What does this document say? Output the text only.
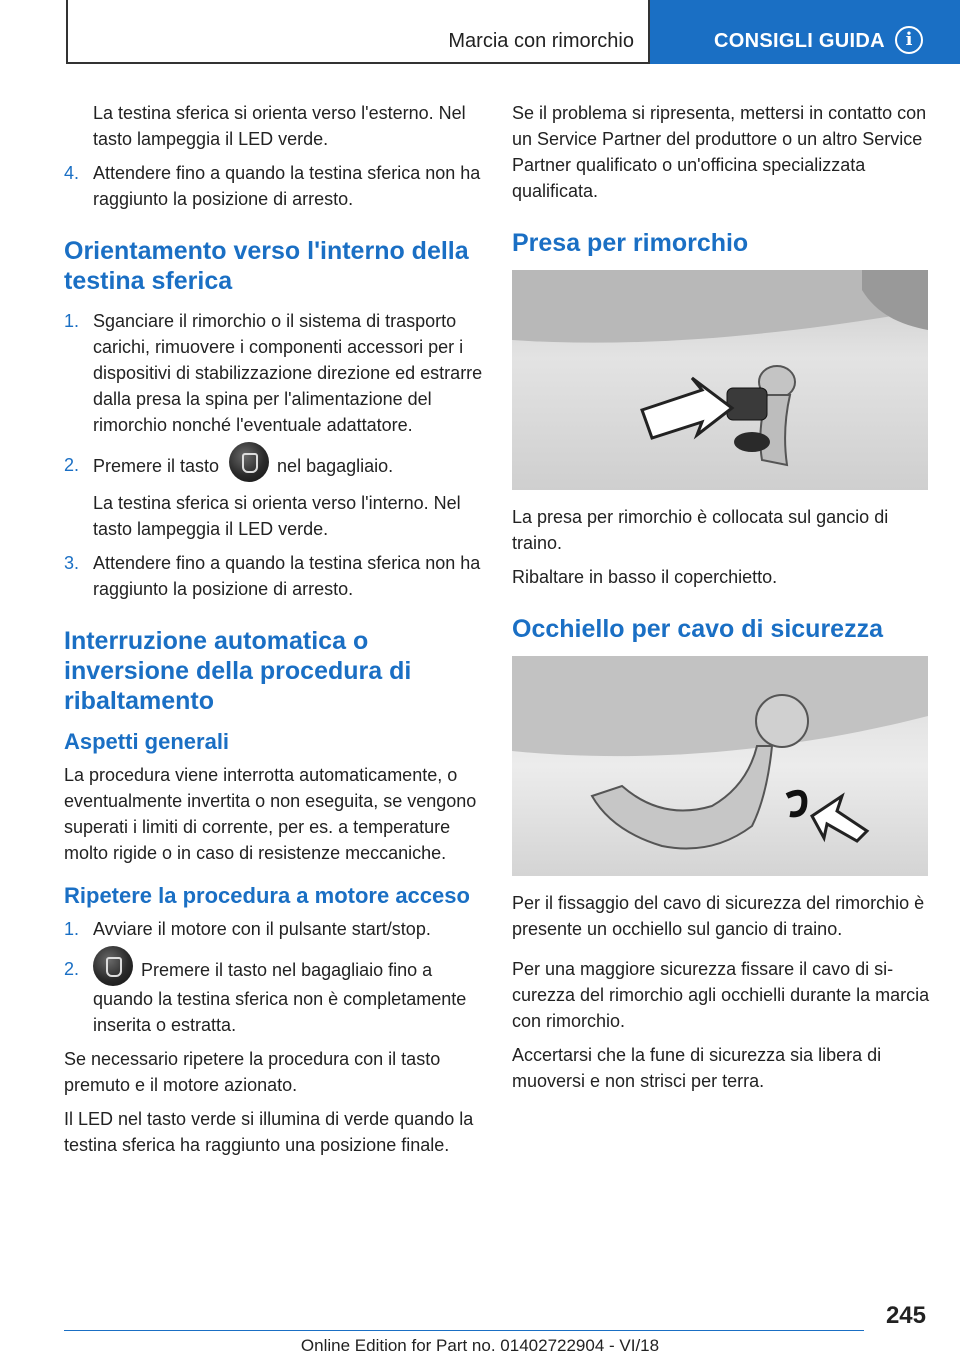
Marcia con rimorchio	CONSIGLI GUIDA	i

La testina sferica si orienta verso l'esterno. Nel tasto lampeggia il LED verde.

4. Attendere fino a quando la testina sferica non ha raggiunto la posizione di arresto.
Orientamento verso l'interno della testina sferica
1. Sganciare il rimorchio o il sistema di trasporto carichi, rimuovere i componenti accessori per i dispositivi di stabilizzazione direzione ed estrarre dalla presa la spina per l'alimentazione del rimorchio nonché l'eventuale adattatore.
2. Premere il tasto	nel bagagliaio.

La testina sferica si orienta verso l'interno. Nel tasto lampeggia il LED verde.

3. Attendere fino a quando la testina sferica non ha raggiunto la posizione di arresto.
Interruzione automatica o inversione della procedura di ribaltamento
Aspetti generali

La procedura viene interrotta automaticamente, o eventualmente invertita o non eseguita, se vengono superati i limiti di corrente, per es. a temperature molto rigide o in caso di resistenze meccaniche.

Ripetere la procedura a motore acceso
1. Avviare il motore con il pulsante start/stop.
2.	Premere il tasto nel bagagliaio fino a quando la testina sferica non è completamente inserita o estratta.

Se necessario ripetere la procedura con il tasto premuto e il motore azionato.

Il LED nel tasto verde si illumina di verde quando la testina sferica ha raggiunto una posizione finale.

Se il problema si ripresenta, mettersi in contatto con un Service Partner del produttore o un altro Service Partner qualificato o un'officina specializzata qualificata.

Presa per rimorchio

La presa per rimorchio è collocata sul gancio di traino.

Ribaltare in basso il coperchietto.

Occhiello per cavo di sicurezza

Per il fissaggio del cavo di sicurezza del rimorchio è presente un occhiello sul gancio di traino.

Per una maggiore sicurezza fissare il cavo di sicurezza del rimorchio agli occhielli durante la marcia con rimorchio.

Accertarsi che la fune di sicurezza sia libera di muoversi e non strisci per terra.

245
Online Edition for Part no. 01402722904 - VI/18
